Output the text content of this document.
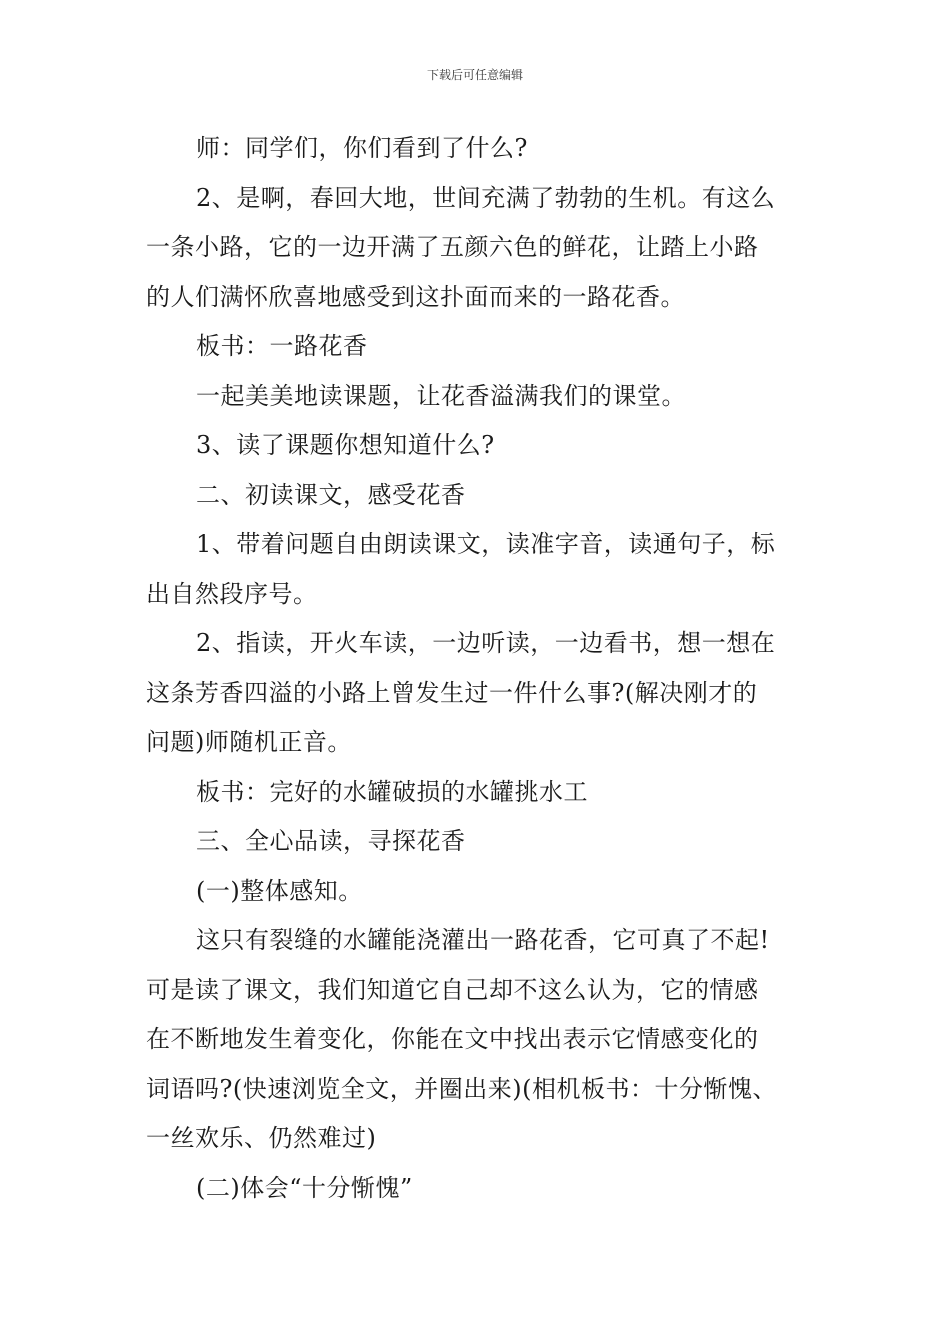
下载后可任意编辑

师：同学们，你们看到了什么?

2、是啊，春回大地，世间充满了勃勃的生机。有这么

一条小路，它的一边开满了五颜六色的鲜花，让踏上小路

的人们满怀欣喜地感受到这扑面而来的一路花香。

板书：一路花香

一起美美地读课题，让花香溢满我们的课堂。

3、读了课题你想知道什么?

二、初读课文，感受花香

1、带着问题自由朗读课文，读准字音，读通句子，标

出自然段序号。

2、指读，开火车读，一边听读，一边看书，想一想在

这条芳香四溢的小路上曾发生过一件什么事?(解决刚才的

问题)师随机正音。

板书：完好的水罐破损的水罐挑水工

三、全心品读，寻探花香

(一)整体感知。

这只有裂缝的水罐能浇灌出一路花香，它可真了不起!

可是读了课文，我们知道它自己却不这么认为，它的情感

在不断地发生着变化，你能在文中找出表示它情感变化的

词语吗?(快速浏览全文，并圈出来)(相机板书：十分惭愧、

一丝欢乐、仍然难过)

(二)体会“十分惭愧”
